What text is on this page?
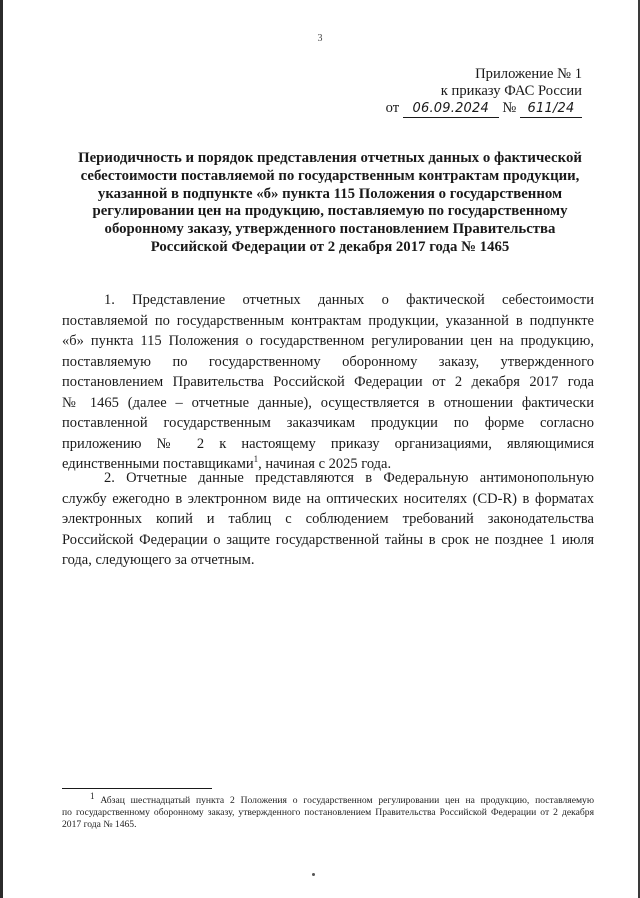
3
Приложение № 1
к приказу ФАС России
от 06.09.2024 № 611/24
Периодичность и порядок представления отчетных данных о фактической
себестоимости поставляемой по государственным контрактам продукции,
указанной в подпункте «б» пункта 115 Положения о государственном
регулировании цен на продукцию, поставляемую по государственному
оборонному заказу, утвержденного постановлением Правительства
Российской Федерации от 2 декабря 2017 года № 1465
1. Представление отчетных данных о фактической себестоимости
поставляемой по государственным контрактам продукции, указанной в подпункте
«б» пункта 115 Положения о государственном регулировании цен на продукцию,
поставляемую по государственному оборонному заказу, утвержденного
постановлением Правительства Российской Федерации от 2 декабря 2017 года
№ 1465 (далее – отчетные данные), осуществляется в отношении фактически
поставленной государственным заказчикам продукции по форме согласно
приложению № 2 к настоящему приказу организациями, являющимися
единственными поставщиками$^1$, начиная с 2025 года.
2. Отчетные данные представляются в Федеральную антимонопольную
службу ежегодно в электронном виде на оптических носителях (CD-R) в форматах
электронных копий и таблиц с соблюдением требований законодательства
Российской Федерации о защите государственной тайны в срок не позднее 1 июля
года, следующего за отчетным.
$^1$ Абзац шестнадцатый пункта 2 Положения о государственном регулировании цен на продукцию, поставляемую
по государственному оборонному заказу, утвержденного постановлением Правительства Российской Федерации от 2 декабря
2017 года № 1465.
